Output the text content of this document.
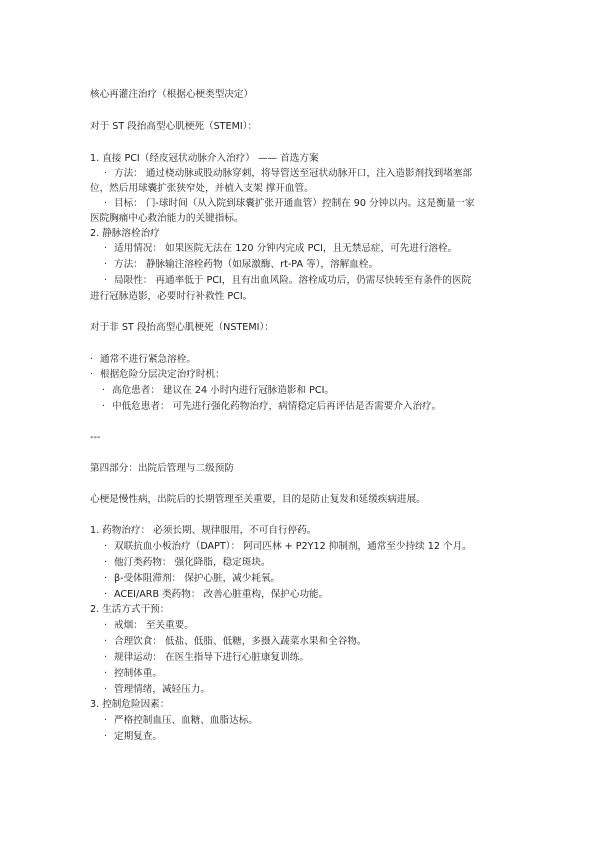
核心再灌注治疗（根据心梗类型决定）
对于 ST 段抬高型心肌梗死（STEMI）：
1. 直接 PCI（经皮冠状动脉介入治疗） —— 首选方案
· 方法： 通过桡动脉或股动脉穿刺，将导管送至冠状动脉开口，注入造影剂找到堵塞部
位，然后用球囊扩张狭窄处，并植入支架 撑开血管。
· 目标： 门-球时间（从入院到球囊扩张开通血管）控制在 90 分钟以内。这是衡量一家
医院胸痛中心救治能力的关键指标。
2. 静脉溶栓治疗
· 适用情况： 如果医院无法在 120 分钟内完成 PCI，且无禁忌症，可先进行溶栓。
· 方法： 静脉输注溶栓药物（如尿激酶、rt-PA 等），溶解血栓。
· 局限性： 再通率低于 PCI，且有出血风险。溶栓成功后，仍需尽快转至有条件的医院
进行冠脉造影，必要时行补救性 PCI。
对于非 ST 段抬高型心肌梗死（NSTEMI）：
· 通常不进行紧急溶栓。
· 根据危险分层决定治疗时机：
· 高危患者： 建议在 24 小时内进行冠脉造影和 PCI。
· 中低危患者： 可先进行强化药物治疗，病情稳定后再评估是否需要介入治疗。
---
第四部分：出院后管理与二级预防
心梗是慢性病，出院后的长期管理至关重要，目的是防止复发和延缓疾病进展。
1. 药物治疗： 必须长期、规律服用，不可自行停药。
· 双联抗血小板治疗（DAPT）： 阿司匹林 + P2Y12 抑制剂，通常至少持续 12 个月。
· 他汀类药物： 强化降脂，稳定斑块。
· β-受体阻滞剂： 保护心脏，减少耗氧。
· ACEI/ARB 类药物： 改善心脏重构，保护心功能。
2. 生活方式干预：
· 戒烟： 至关重要。
· 合理饮食： 低盐、低脂、低糖，多摄入蔬菜水果和全谷物。
· 规律运动： 在医生指导下进行心脏康复训练。
· 控制体重。
· 管理情绪，减轻压力。
3. 控制危险因素：
· 严格控制血压、血糖、血脂达标。
· 定期复查。
